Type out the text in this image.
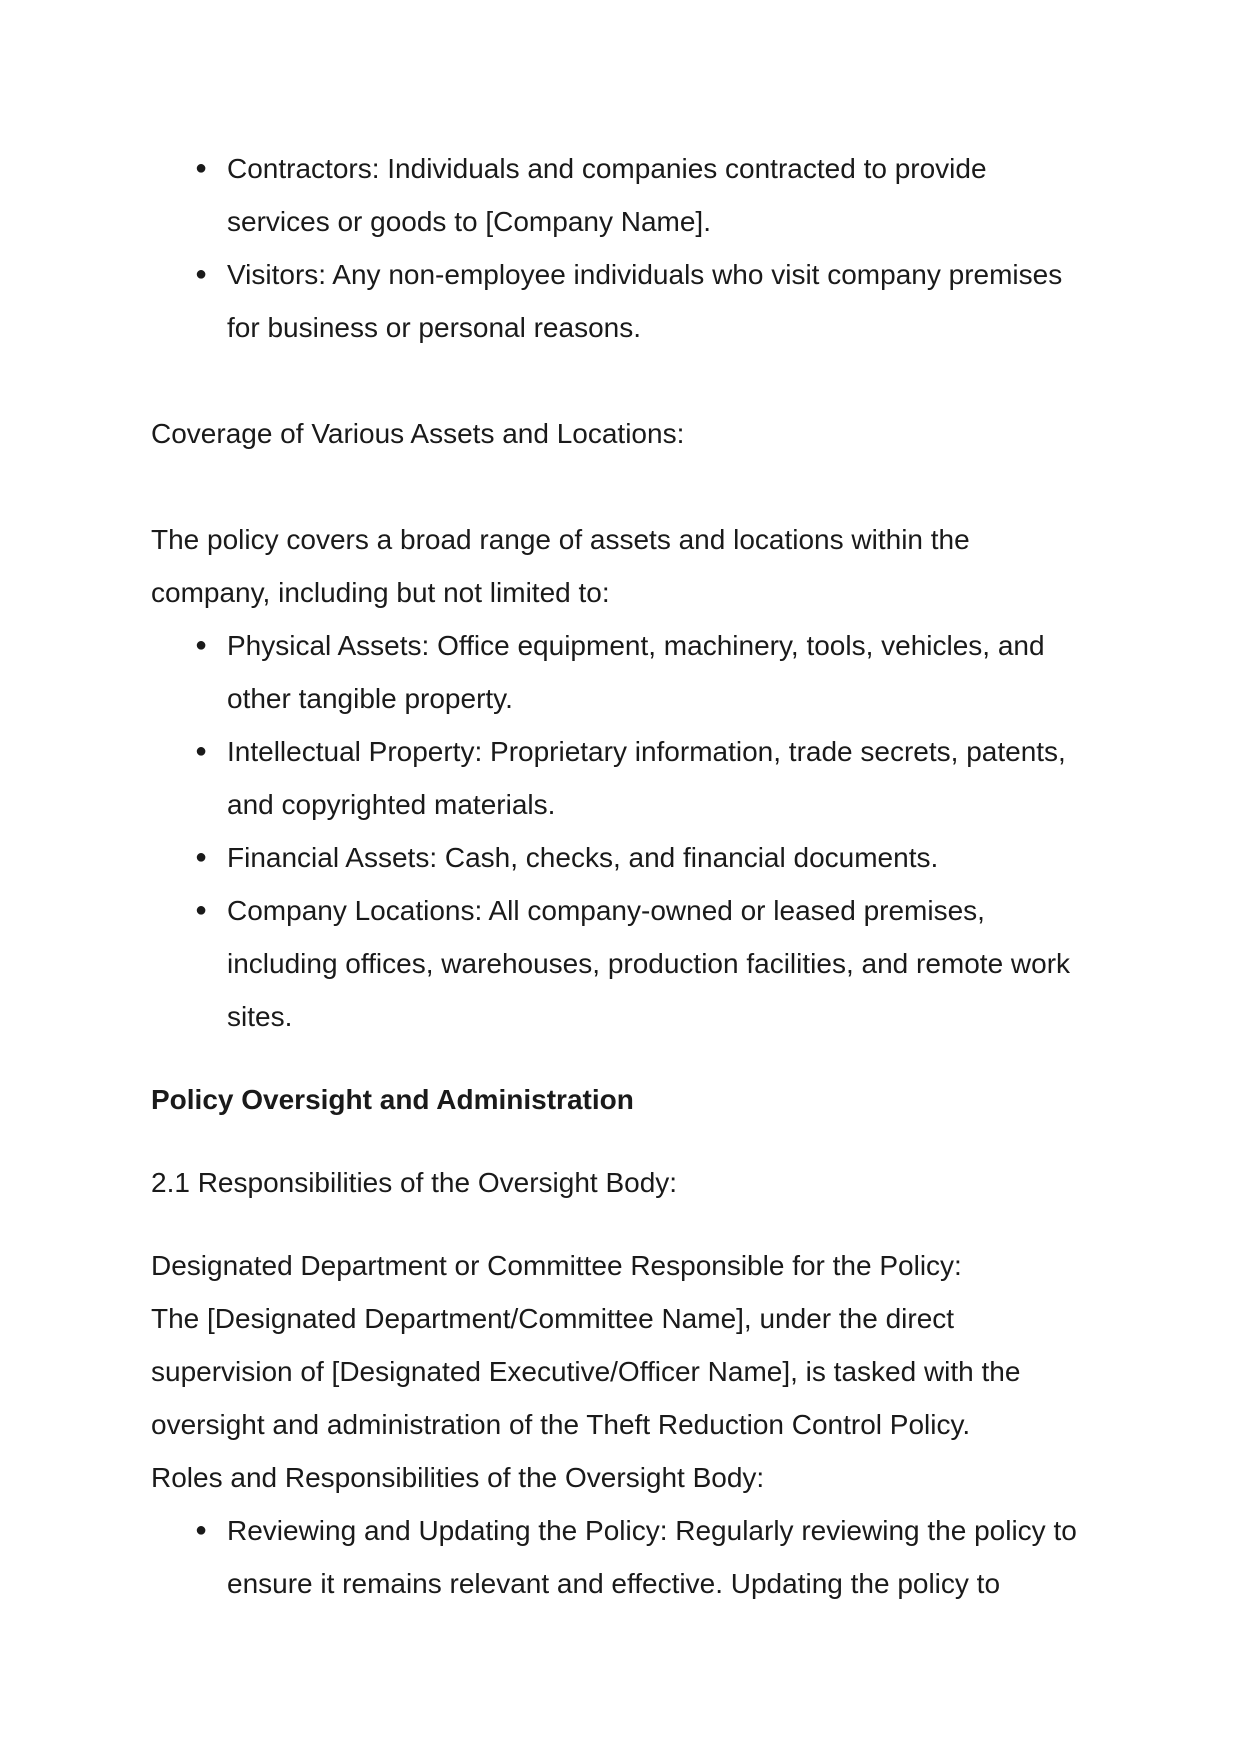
● Contractors: Individuals and companies contracted to provide services or goods to [Company Name].
● Visitors: Any non-employee individuals who visit company premises for business or personal reasons.

Coverage of Various Assets and Locations:

The policy covers a broad range of assets and locations within the company, including but not limited to:

● Physical Assets: Office equipment, machinery, tools, vehicles, and other tangible property.
● Intellectual Property: Proprietary information, trade secrets, patents, and copyrighted materials.
● Financial Assets: Cash, checks, and financial documents.
● Company Locations: All company-owned or leased premises, including offices, warehouses, production facilities, and remote work sites.

Policy Oversight and Administration

2.1 Responsibilities of the Oversight Body:

Designated Department or Committee Responsible for the Policy:

The [Designated Department/Committee Name], under the direct supervision of [Designated Executive/Officer Name], is tasked with the oversight and administration of the Theft Reduction Control Policy.

Roles and Responsibilities of the Oversight Body:

● Reviewing and Updating the Policy: Regularly reviewing the policy to ensure it remains relevant and effective. Updating the policy to
